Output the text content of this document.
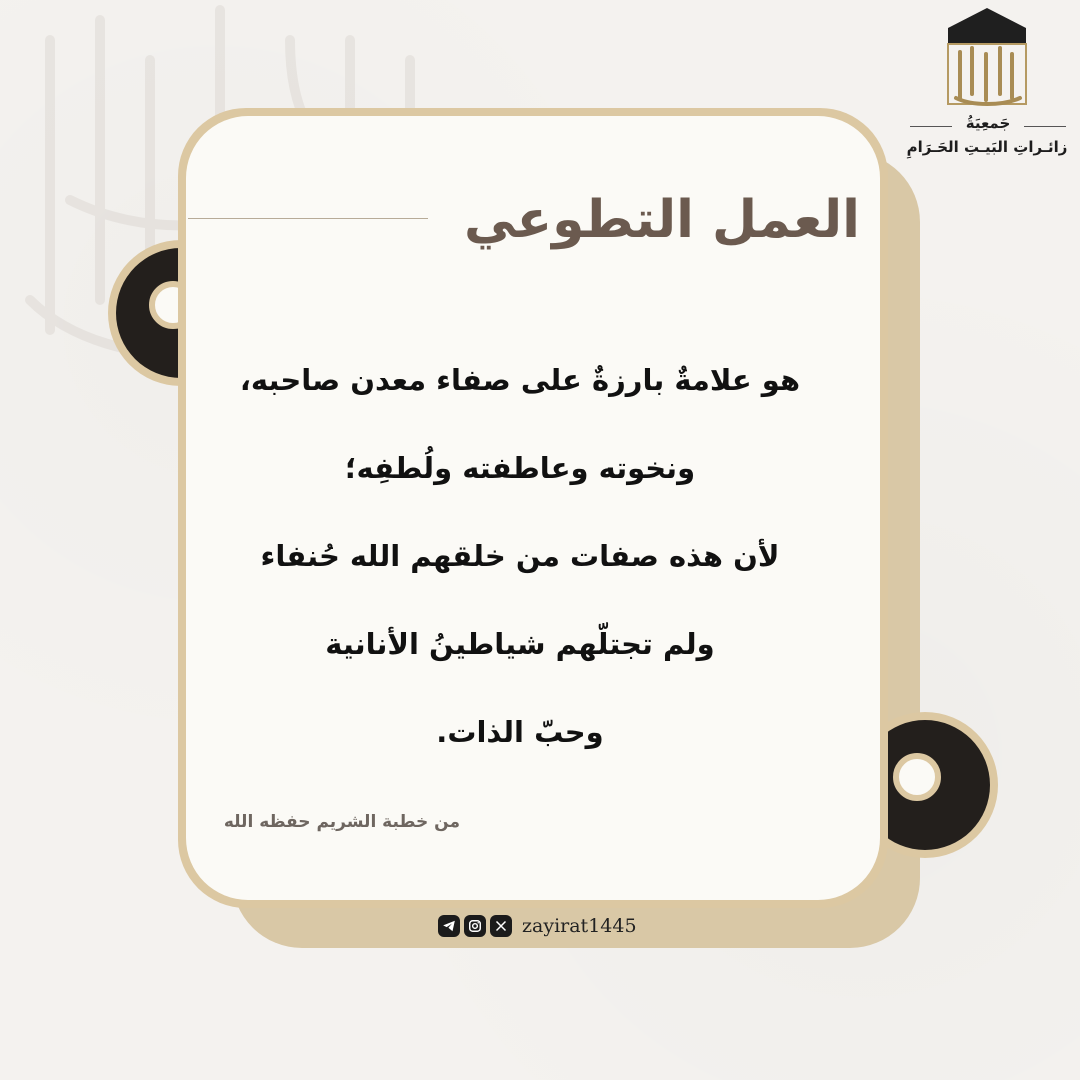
العمل التطوعي
هو علامةٌ بارزةٌ على صفاء معدن صاحبه،
ونخوته وعاطفته ولُطفِه؛
لأن هذه صفات من خلقهم الله حُنفاء
ولم تجتلّهم شياطينُ الأنانية
وحبّ الذات.
من خطبة الشريم حفظه الله
zayirat1445
جَمعِيَةُ
زائـراتِ البَيـتِ الحَـرَامِ
